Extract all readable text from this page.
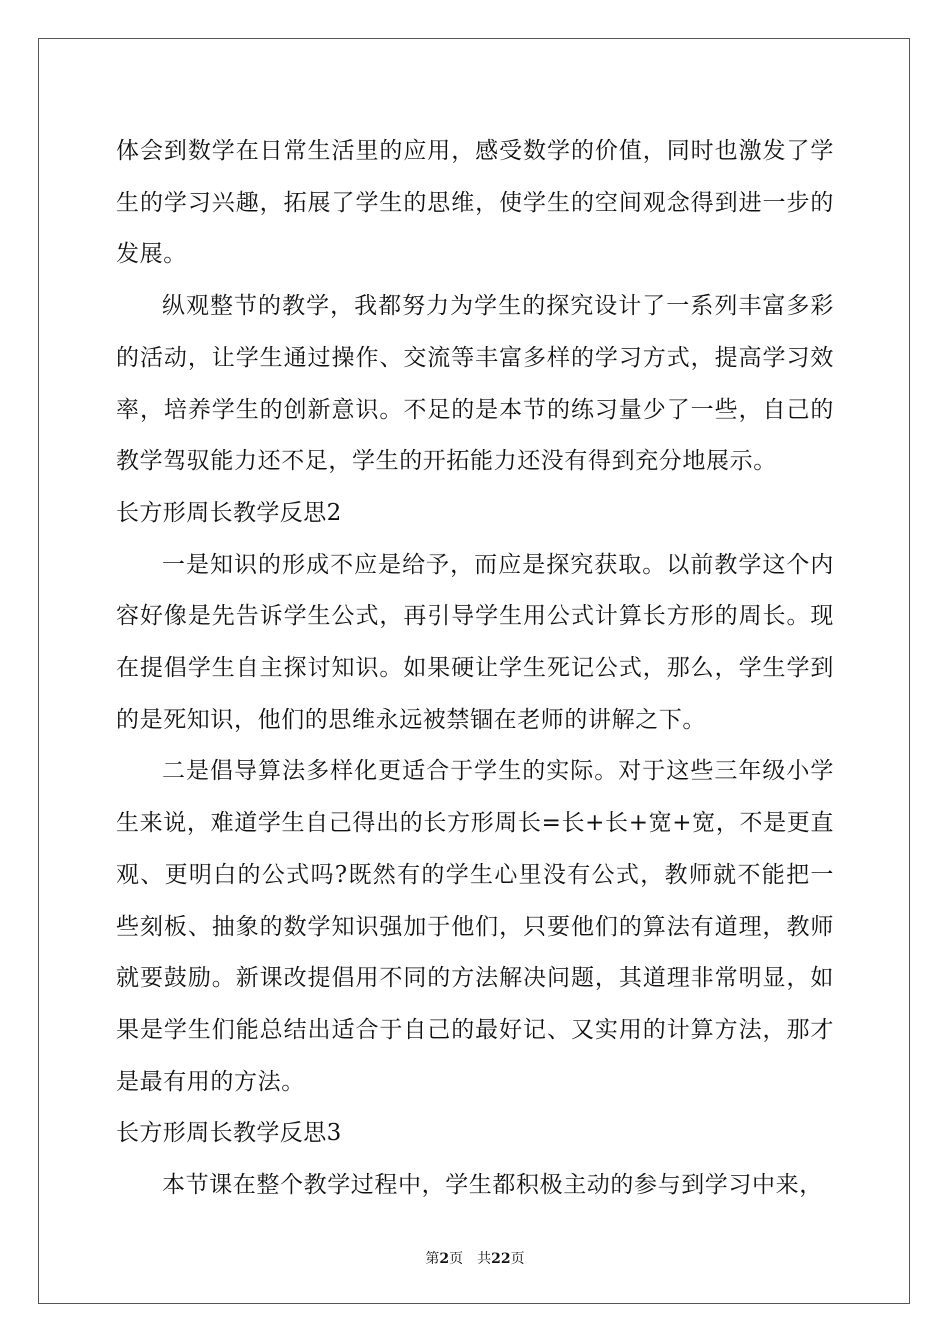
体会到数学在日常生活里的应用，感受数学的价值，同时也激发了学生的学习兴趣，拓展了学生的思维，使学生的空间观念得到进一步的发展。

纵观整节的教学，我都努力为学生的探究设计了一系列丰富多彩的活动，让学生通过操作、交流等丰富多样的学习方式，提高学习效率，培养学生的创新意识。不足的是本节的练习量少了一些，自己的教学驾驭能力还不足，学生的开拓能力还没有得到充分地展示。

长方形周长教学反思2

一是知识的形成不应是给予，而应是探究获取。以前教学这个内容好像是先告诉学生公式，再引导学生用公式计算长方形的周长。现在提倡学生自主探讨知识。如果硬让学生死记公式，那么，学生学到的是死知识，他们的思维永远被禁锢在老师的讲解之下。

二是倡导算法多样化更适合于学生的实际。对于这些三年级小学生来说，难道学生自己得出的长方形周长=长+长+宽+宽，不是更直观、更明白的公式吗?既然有的学生心里没有公式，教师就不能把一些刻板、抽象的数学知识强加于他们，只要他们的算法有道理，教师就要鼓励。新课改提倡用不同的方法解决问题，其道理非常明显，如果是学生们能总结出适合于自己的最好记、又实用的计算方法，那才是最有用的方法。

长方形周长教学反思3

本节课在整个教学过程中，学生都积极主动的参与到学习中来，

第2页 共22页
